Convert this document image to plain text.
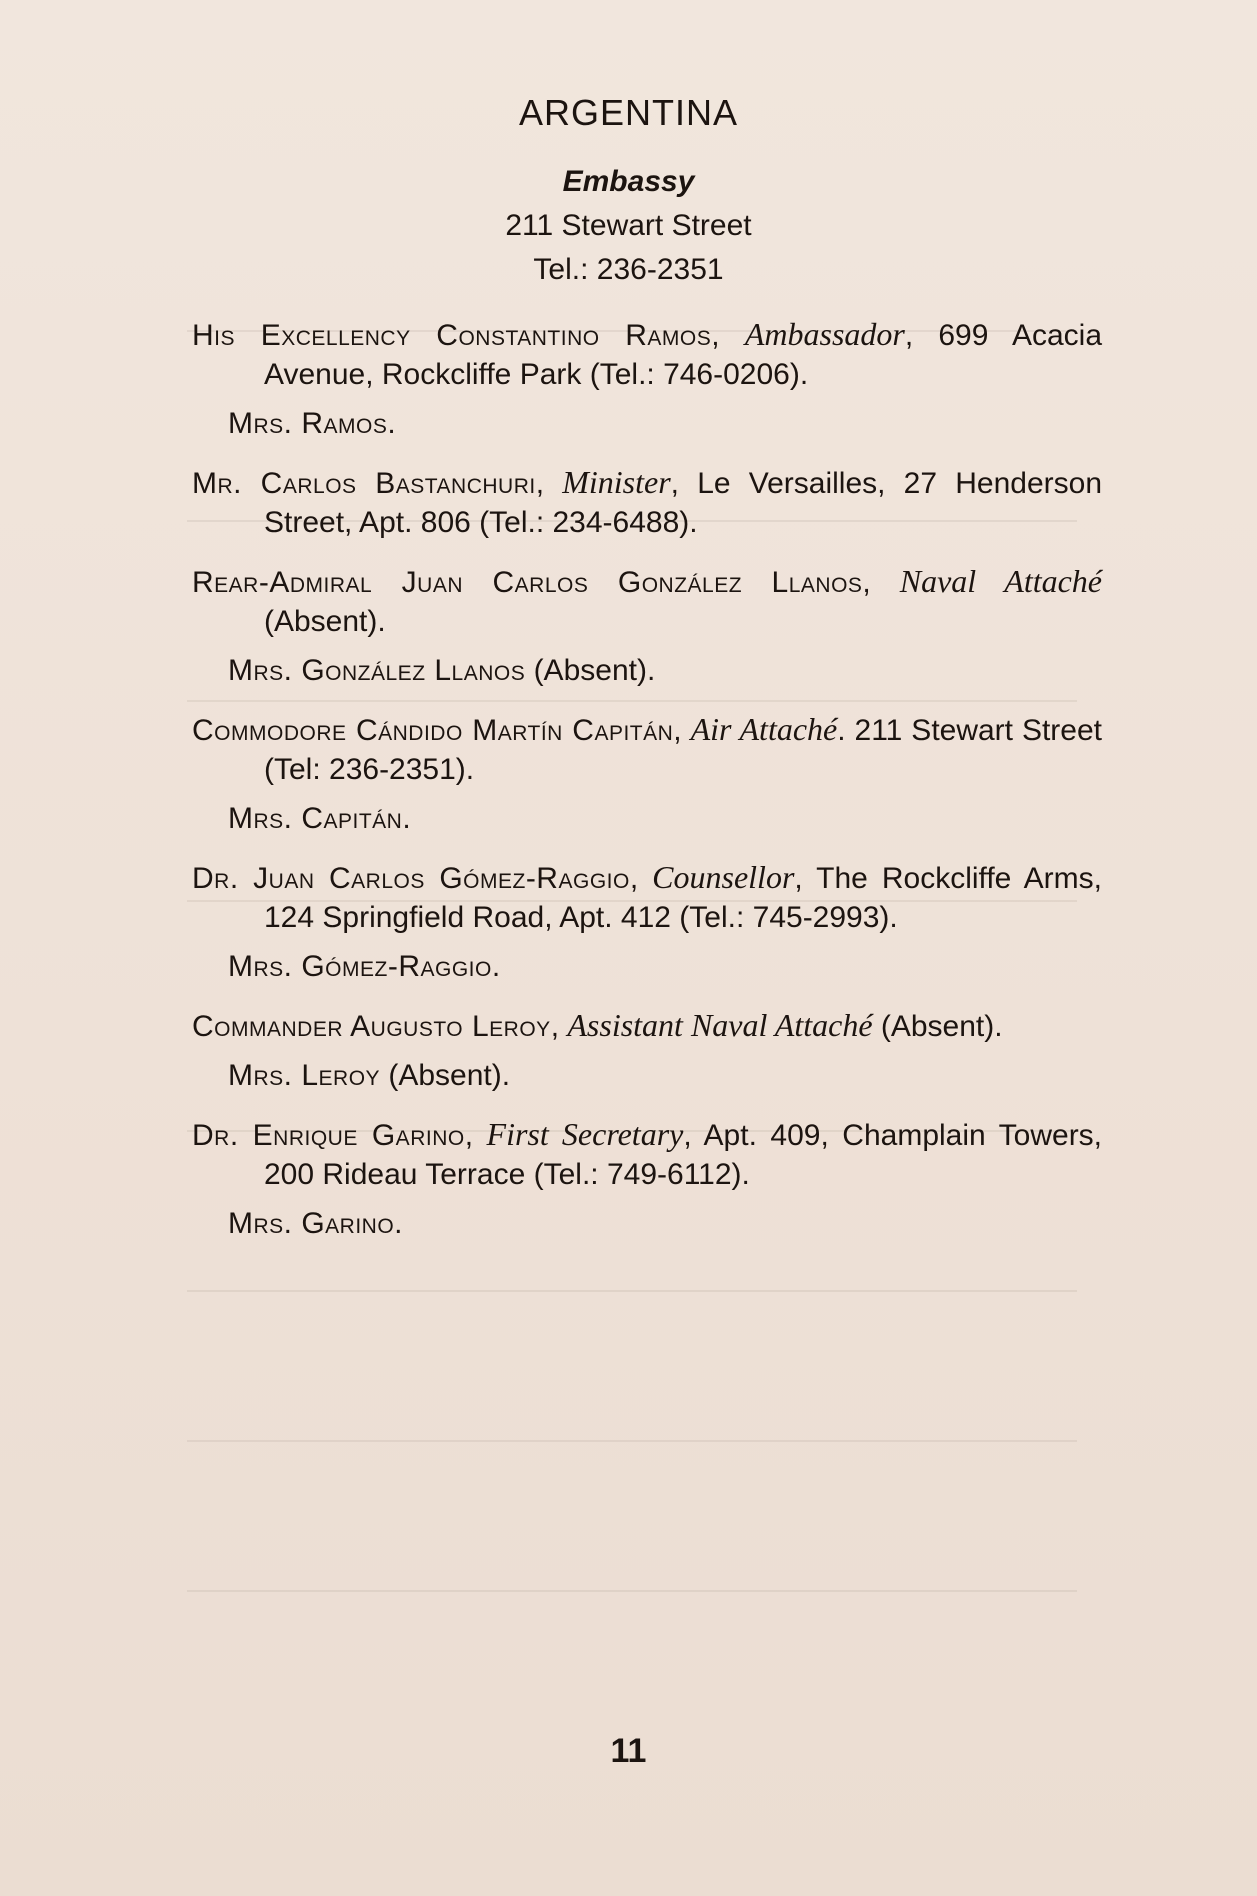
ARGENTINA
Embassy
211 Stewart Street
Tel.: 236-2351
His Excellency Constantino Ramos, Ambassador, 699 Acacia Avenue, Rockcliffe Park (Tel.: 746-0206).
Mrs. Ramos.
Mr. Carlos Bastanchuri, Minister, Le Versailles, 27 Henderson Street, Apt. 806 (Tel.: 234-6488).
Rear-Admiral Juan Carlos González Llanos, Naval Attaché (Absent).
Mrs. González Llanos (Absent).
Commodore Cándido Martín Capitán, Air Attaché. 211 Stewart Street (Tel: 236-2351).
Mrs. Capitán.
Dr. Juan Carlos Gómez-Raggio, Counsellor, The Rockcliffe Arms, 124 Springfield Road, Apt. 412 (Tel.: 745-2993).
Mrs. Gómez-Raggio.
Commander Augusto Leroy, Assistant Naval Attaché (Absent).
Mrs. Leroy (Absent).
Dr. Enrique Garino, First Secretary, Apt. 409, Champlain Towers, 200 Rideau Terrace (Tel.: 749-6112).
Mrs. Garino.
11
